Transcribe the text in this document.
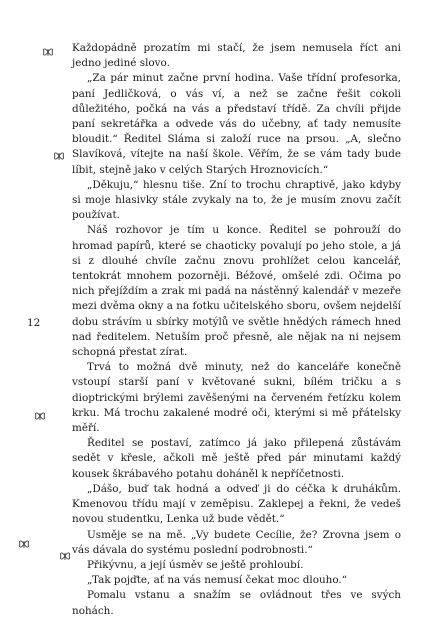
Každopádně prozatím mi stačí, že jsem nemusela říct ani jedno jediné slovo.

„Za pár minut začne první hodina. Vaše třídní profesorka, paní Jedličková, o vás ví, a než se začne řešit cokoli důležitého, počká na vás a představí třídě. Za chvíli přijde paní sekretářka a odvede vás do učebny, ať tady nemusíte bloudit.“ Ředitel Sláma si založí ruce na prsou. „A, slečno Slavíková, vítejte na naší škole. Věřím, že se vám tady bude líbit, stejně jako v celých Starých Hroznovicích.“

„Děkuju,“ hlesnu tiše. Zní to trochu chraptivě, jako kdyby si moje hlasivky stále zvykaly na to, že je musím znovu začít používat.

Náš rozhovor je tím u konce. Ředitel se pohrouží do hromad papírů, které se chaoticky povalují po jeho stole, a já si z dlouhé chvíle začnu znovu prohlížet celou kancelář, tentokrát mnohem pozorněji. Béžové, omšelé zdi. Očima po nich přejíždím a zrak mi padá na nástěnný kalendář v mezeře mezi dvěma okny a na fotku učitelského sboru, ovšem nejdelší dobu strávím u sbírky motýlů ve světle hnědých rámech hned nad ředitelem. Netuším proč přesně, ale nějak na ni nejsem schopná přestat zírat.

Trvá to možná dvě minuty, než do kanceláře konečně vstoupí starší paní v květované sukni, bílém tričku a s dioptrickými brýlemi zavěšenými na červeném řetízku kolem krku. Má trochu zakalené modré oči, kterými si mě přátelsky měří.

Ředitel se postaví, zatímco já jako přilepená zůstávám sedět v křesle, ačkoli mě ještě před pár minutami každý kousek škrábavého potahu doháněl k nepříčetnosti.

„Dášo, buď tak hodná a odveď ji do céčka k druhákům. Kmenovou třídu mají v zeměpisu. Zaklepej a řekni, že vedeš novou studentku, Lenka už bude vědět.“

Usměje se na mě. „Vy budete Cecílie, že? Zrovna jsem o vás dávala do systému poslední podrobnosti.“

Přikývnu, a její úsměv se ještě prohloubí.

„Tak pojďte, ať na vás nemusí čekat moc dlouho.“

Pomalu vstanu a snažím se ovládnout třes ve svých nohách.

12
